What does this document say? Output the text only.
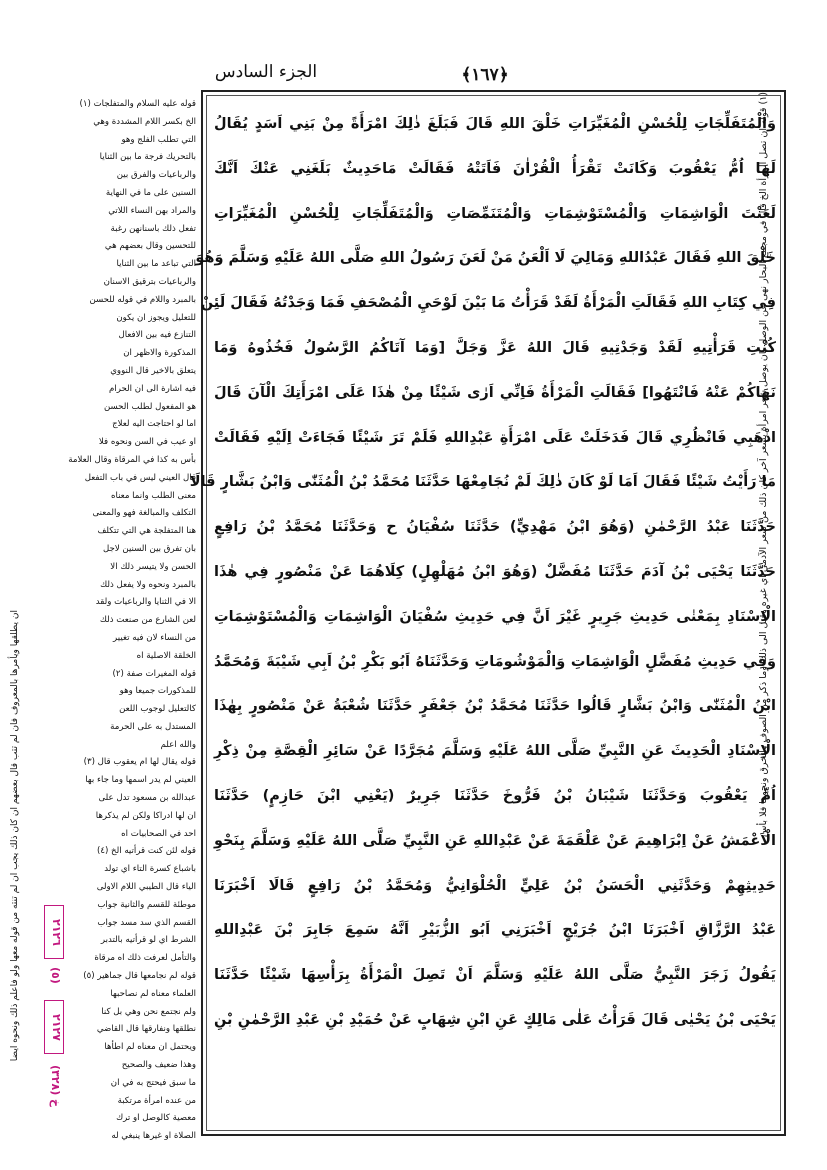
الجزء السادس	﴿١٦٧﴾
وَالْمُتَفَلِّجَاتِ لِلْحُسْنِ الْمُغَيِّرَاتِ خَلْقَ اللهِ قَالَ فَبَلَغَ ذٰلِكَ امْرَأَةً مِنْ بَنِي اَسَدٍ يُقَالُ
لَهَا اُمُّ يَعْقُوبَ وَكَانَتْ تَقْرَأُ الْقُرْاٰنَ فَاَتَتْهُ فَقَالَتْ مَاحَدِيثٌ بَلَغَنِي عَنْكَ اَنَّكَ
لَعَنْتَ الْوَاشِمَاتِ وَالْمُسْتَوْشِمَاتِ وَالْمُتَنَمِّصَاتِ وَالْمُتَفَلِّجَاتِ لِلْحُسْنِ الْمُغَيِّرَاتِ
خَلْقَ اللهِ فَقَالَ عَبْدُاللهِ وَمَالِيَ لَا اَلْعَنُ مَنْ لَعَنَ رَسُولُ اللهِ صَلَّى اللهُ عَلَيْهِ وَسَلَّمَ وَهُوَ
فِي كِتَابِ اللهِ فَقَالَتِ الْمَرْأَةُ لَقَدْ قَرَأْتُ مَا بَيْنَ لَوْحَيِ الْمُصْحَفِ فَمَا وَجَدْتُهُ فَقَالَ لَئِنْ
كُنْتِ قَرَأْتِيهِ لَقَدْ وَجَدْتِيهِ قَالَ اللهُ عَزَّ وَجَلَّ [وَمَا آتَاكُمُ الرَّسُولُ فَخُذُوهُ وَمَا
نَهَاكُمْ عَنْهُ فَانْتَهُوا] فَقَالَتِ الْمَرْأَةُ فَاِنِّي اَرٰى شَيْئًا مِنْ هٰذَا عَلَى امْرَأَتِكَ الْآنَ قَالَ
اذْهَبِي فَانْظُرِي قَالَ فَدَخَلَتْ عَلَى امْرَأَةِ عَبْدِاللهِ فَلَمْ تَرَ شَيْئًا فَجَاءَتْ اِلَيْهِ فَقَالَتْ
مَا رَأَيْتُ شَيْئًا فَقَالَ اَمَا لَوْ كَانَ ذٰلِكَ لَمْ نُجَامِعْهَا حَدَّثَنَا مُحَمَّدُ بْنُ الْمُثَنّٰى وَابْنُ بَشَّارٍ قَالَا
حَدَّثَنَا عَبْدُ الرَّحْمٰنِ (وَهُوَ ابْنُ مَهْدِيٍّ) حَدَّثَنَا سُفْيَانُ ح وَحَدَّثَنَا مُحَمَّدُ بْنُ رَافِعٍ
حَدَّثَنَا يَحْيَى بْنُ آدَمَ حَدَّثَنَا مُفَضَّلٌ (وَهُوَ ابْنُ مُهَلْهِلٍ) كِلَاهُمَا عَنْ مَنْصُورٍ فِي هٰذَا
الْاِسْنَادِ بِمَعْنٰى حَدِيثِ جَرِيرٍ غَيْرَ اَنَّ فِي حَدِيثِ سُفْيَانَ الْوَاشِمَاتِ وَالْمُسْتَوْشِمَاتِ
وَفِي حَدِيثِ مُفَضَّلٍ الْوَاشِمَاتِ وَالْمَوْشُومَاتِ وَحَدَّثَنَاهُ اَبُو بَكْرِ بْنُ اَبِي شَيْبَةَ وَمُحَمَّدُ
ابْنُ الْمُثَنّٰى وَابْنُ بَشَّارٍ قَالُوا حَدَّثَنَا مُحَمَّدُ بْنُ جَعْفَرٍ حَدَّثَنَا شُعْبَةُ عَنْ مَنْصُورٍ بِهٰذَا
الْاِسْنَادِ الْحَدِيثَ عَنِ النَّبِيِّ صَلَّى اللهُ عَلَيْهِ وَسَلَّمَ مُجَرَّدًا عَنْ سَائِرِ الْقِصَّةِ مِنْ ذِكْرِ
اُمِّ يَعْقُوبَ وَحَدَّثَنَا شَيْبَانُ بْنُ فَرُّوخَ حَدَّثَنَا جَرِيرٌ (يَعْنِي ابْنَ حَازِمٍ) حَدَّثَنَا
الْاَعْمَشُ عَنْ اِبْرَاهِيمَ عَنْ عَلْقَمَةَ عَنْ عَبْدِاللهِ عَنِ النَّبِيِّ صَلَّى اللهُ عَلَيْهِ وَسَلَّمَ بِنَحْوِ
حَدِيثِهِمْ وَحَدَّثَنِي الْحَسَنُ بْنُ عَلِيٍّ الْحُلْوَانِيُّ وَمُحَمَّدُ بْنُ رَافِعٍ قَالَا اَخْبَرَنَا
عَبْدُ الرَّزَّاقِ اَخْبَرَنَا ابْنُ جُرَيْجٍ اَخْبَرَنِي اَبُو الزُّبَيْرِ اَنَّهُ سَمِعَ جَابِرَ بْنَ عَبْدِاللهِ
يَقُولُ زَجَرَ النَّبِيُّ صَلَّى اللهُ عَلَيْهِ وَسَلَّمَ اَنْ تَصِلَ الْمَرْأَةُ بِرَأْسِهَا شَيْئًا حَدَّثَنَا
يَحْيَى بْنُ يَحْيٰى قَالَ قَرَأْتُ عَلٰى مَالِكٍ عَنِ ابْنِ شِهَابٍ عَنْ حُمَيْدِ بْنِ عَبْدِ الرَّحْمٰنِ بْنِ
قوله عليه السلام والمتفلجات (١)
الخ بكسر اللام المشددة وهي
التي تطلب الفلج وهو
بالتحريك فرجة ما بين الثنايا
والرباعيات والفرق بين
السنين على ما في النهاية
والمراد بهن النساء اللاتي
تفعل ذلك باسنانهن رغبة
للتحسين وقال بعضهم هي
التي تباعد ما بين الثنايا
والرباعيات بترقيق الاسنان
بالمبرد واللام في قوله للحسن
للتعليل ويجوز ان يكون
التنازع فيه بين الافعال
المذكورة والاظهر ان
يتعلق بالاخير قال النووي
فيه اشارة الى ان الحرام
هو المفعول لطلب الحسن
اما لو احتاجت اليه لعلاج
او عيب في السن ونحوه فلا
بأس به كذا في المرقاة وقال العلامة
قال العيني ليس في باب التفعل
معنى الطلب وانما معناه
التكلف والمبالغة فهو والمعنى
هنا المتفلجة هي التي تتكلف
بان تفرق بين السنين لاجل
الحسن ولا يتيسر ذلك الا
بالمبرد ونحوه ولا يفعل ذلك
الا في الثنايا والرباعيات ولقد
لعن الشارع من صنعت ذلك
من النساء لان فيه تغيير
الخلقة الاصلية اه
قوله المغيرات صفة (٢)
للمذكورات جميعا وهو
كالتعليل لوجوب اللعن
المستدل به على الحرمة
والله اعلم
قوله يقال لها ام يعقوب قال (٣)
العيني لم يدر اسمها وما جاء بها
عبدالله بن مسعود تدل على
ان لها ادراكا ولكن لم يذكرها
احد في الصحابيات اه
قوله لئن كنت قرأتيه الخ (٤)
باشباع كسرة التاء اي تولد
الياء قال الطيبي اللام الاولى
موطئة للقسم والثانية جواب
القسم الذي سد مسد جواب
الشرط اي لو قرأتيه بالتدبر
والتأمل لعرفت ذلك اه مرقاة
قوله لم نجامعها قال جماهير (٥)
العلماء معناه لم نصاحبها
ولم نجتمع نحن وهي بل كنا
نطلقها ونفارقها قال القاضي
ويحتمل ان معناه لم اطأها
وهذا ضعيف والصحيح
ما سبق فيحتج به في ان
من عنده امرأة مرتكبة
معصية كالوصل او ترك
الصلاة او غيرها ينبغي له
(١) قوله ان تصل المرأة الخ قال في مجمع البحار نهى عن الوصل بان يوصل شعر امرأة بشعر آخر كان ذلك من شعر الآدمي اي غيره وقيل الى ذلك وما ذكر من الصوف والخرق ونحوها فلا بأس
ان يطلقها ويأمرها بالمعروف فان لم تتب قال بعضهم ان كان ذلك يجب ان لم تنته من قوله معها ولو فاعلم ذلك ونحوه ايضا	٢١٢٦
(٥)
٢١٢٧
خ (٣٢٨)
